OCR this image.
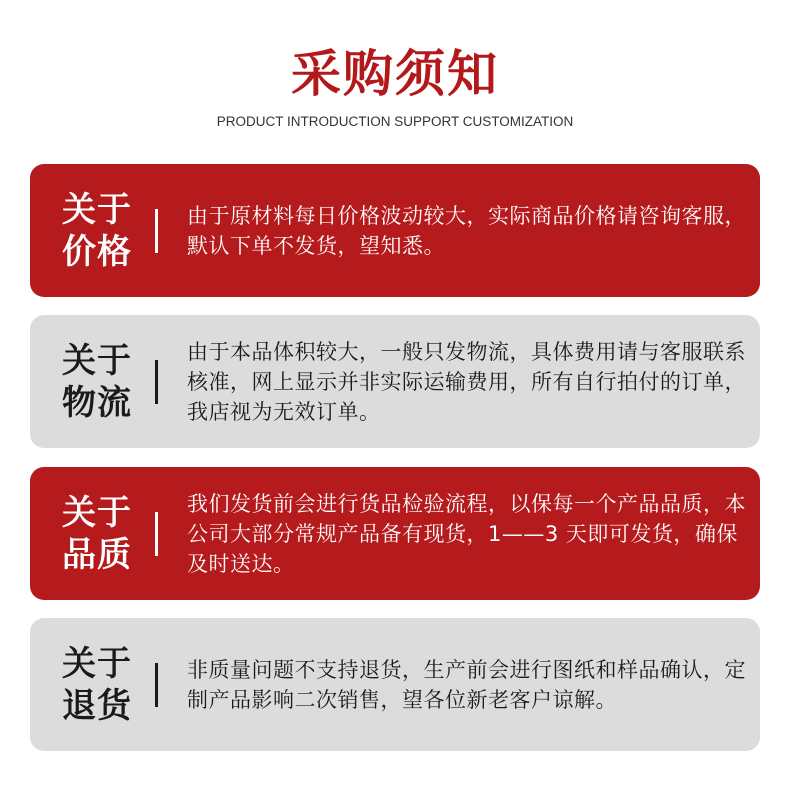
采购须知
PRODUCT INTRODUCTION SUPPORT CUSTOMIZATION
关于
价格

由于原材料每日价格波动较大，实际商品价格请咨询客服，默认下单不发货，望知悉。

关于
物流

由于本品体积较大，一般只发物流，具体费用请与客服联系核准，网上显示并非实际运输费用，所有自行拍付的订单，我店视为无效订单。

关于
品质

我们发货前会进行货品检验流程，以保每一个产品品质，本公司大部分常规产品备有现货，1——3 天即可发货，确保及时送达。

关于
退货

非质量问题不支持退货，生产前会进行图纸和样品确认，定制产品影响二次销售，望各位新老客户谅解。
